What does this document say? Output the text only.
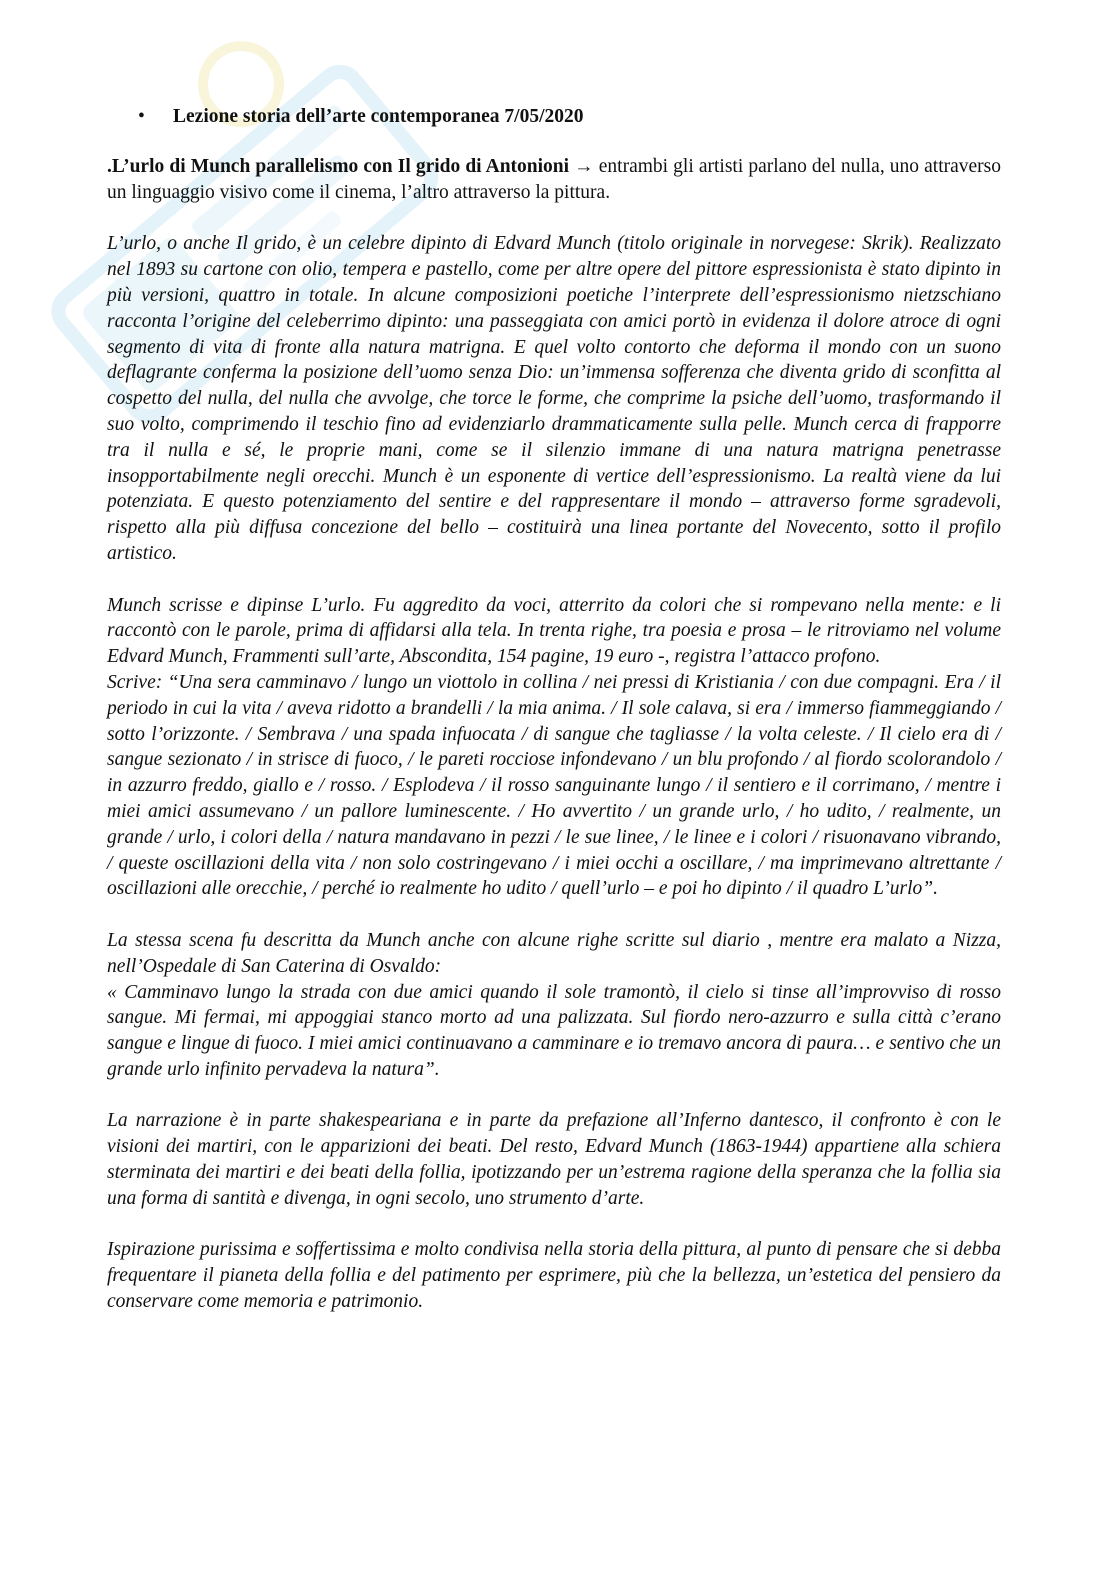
•	Lezione storia dell’arte contemporanea 7/05/2020

.L’urlo di Munch parallelismo con Il grido di Antonioni → entrambi gli artisti parlano del nulla, uno attraverso un linguaggio visivo come il cinema, l’altro attraverso la pittura.

L’urlo, o anche Il grido, è un celebre dipinto di Edvard Munch (titolo originale in norvegese: Skrik). Realizzato nel 1893 su cartone con olio, tempera e pastello, come per altre opere del pittore espressionista è stato dipinto in più versioni, quattro in totale. In alcune composizioni poetiche l’interprete dell’espressionismo nietzschiano racconta l’origine del celeberrimo dipinto: una passeggiata con amici portò in evidenza il dolore atroce di ogni segmento di vita di fronte alla natura matrigna. E quel volto contorto che deforma il mondo con un suono deflagrante conferma la posizione dell’uomo senza Dio: un’immensa sofferenza che diventa grido di sconfitta al cospetto del nulla, del nulla che avvolge, che torce le forme, che comprime la psiche dell’uomo, trasformando il suo volto, comprimendo il teschio fino ad evidenziarlo drammaticamente sulla pelle. Munch cerca di frapporre tra il nulla e sé, le proprie mani, come se il silenzio immane di una natura matrigna penetrasse insopportabilmente negli orecchi. Munch è un esponente di vertice dell’espressionismo. La realtà viene da lui potenziata. E questo potenziamento del sentire e del rappresentare il mondo – attraverso forme sgradevoli, rispetto alla più diffusa concezione del bello – costituirà una linea portante del Novecento, sotto il profilo artistico.

Munch scrisse e dipinse L’urlo. Fu aggredito da voci, atterrito da colori che si rompevano nella mente: e li raccontò con le parole, prima di affidarsi alla tela. In trenta righe, tra poesia e prosa – le ritroviamo nel volume Edvard Munch, Frammenti sull’arte, Abscondita, 154 pagine, 19 euro -, registra l’attacco profono.

Scrive: “Una sera camminavo / lungo un viottolo in collina / nei pressi di Kristiania / con due compagni. Era / il periodo in cui la vita / aveva ridotto a brandelli / la mia anima. / Il sole calava, si era / immerso fiammeggiando / sotto l’orizzonte. / Sembrava / una spada infuocata / di sangue che tagliasse / la volta celeste. / Il cielo era di / sangue sezionato / in strisce di fuoco, / le pareti rocciose infondevano / un blu profondo / al fiordo scolorandolo / in azzurro freddo, giallo e / rosso. / Esplodeva / il rosso sanguinante lungo / il sentiero e il corrimano, / mentre i miei amici assumevano / un pallore luminescente. / Ho avvertito / un grande urlo, / ho udito, / realmente, un grande / urlo, i colori della / natura mandavano in pezzi / le sue linee, / le linee e i colori / risuonavano vibrando, / queste oscillazioni della vita / non solo costringevano / i miei occhi a oscillare, / ma imprimevano altrettante / oscillazioni alle orecchie, / perché io realmente ho udito / quell’urlo – e poi ho dipinto / il quadro L’urlo”.

La stessa scena fu descritta da Munch anche con alcune righe scritte sul diario , mentre era malato a Nizza, nell’Ospedale di San Caterina di Osvaldo:

« Camminavo lungo la strada con due amici quando il sole tramontò, il cielo si tinse all’improvviso di rosso sangue. Mi fermai, mi appoggiai stanco morto ad una palizzata. Sul fiordo nero-azzurro e sulla città c’erano sangue e lingue di fuoco. I miei amici continuavano a camminare e io tremavo ancora di paura… e sentivo che un grande urlo infinito pervadeva la natura”.

La narrazione è in parte shakespeariana e in parte da prefazione all’Inferno dantesco, il confronto è con le visioni dei martiri, con le apparizioni dei beati. Del resto, Edvard Munch (1863-1944) appartiene alla schiera sterminata dei martiri e dei beati della follia, ipotizzando per un’estrema ragione della speranza che la follia sia una forma di santità e divenga, in ogni secolo, uno strumento d’arte.

Ispirazione purissima e soffertissima e molto condivisa nella storia della pittura, al punto di pensare che si debba frequentare il pianeta della follia e del patimento per esprimere, più che la bellezza, un’estetica del pensiero da conservare come memoria e patrimonio.
